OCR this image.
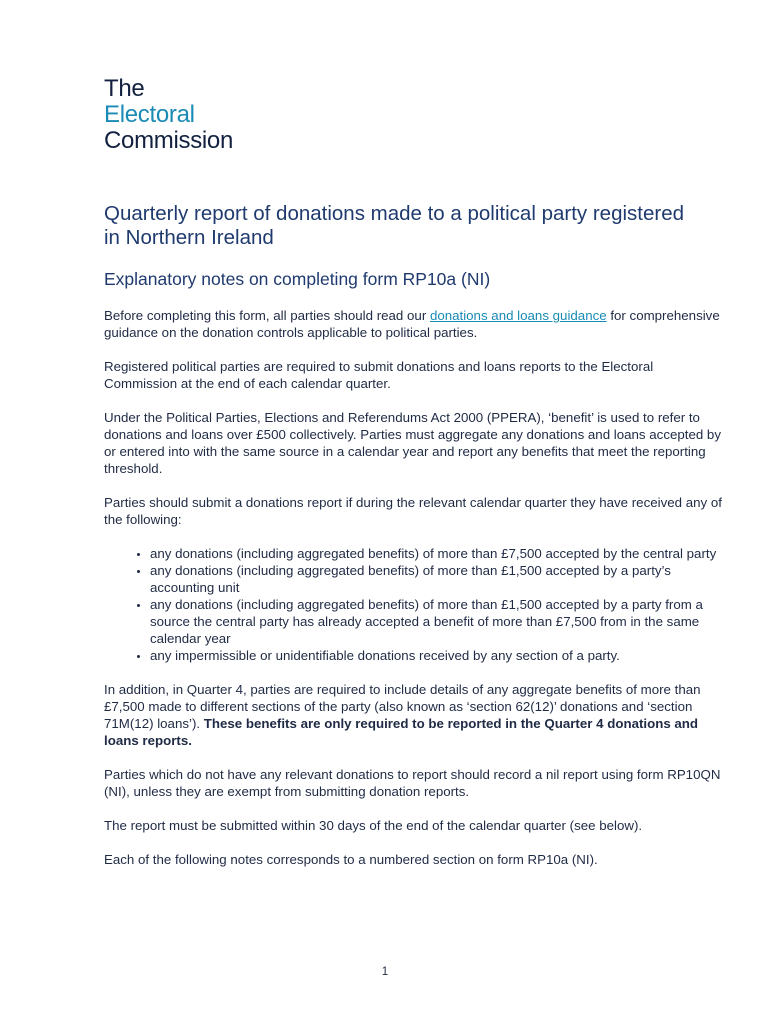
The
Electoral
Commission
Quarterly report of donations made to a political party registered in Northern Ireland
Explanatory notes on completing form RP10a (NI)

Before completing this form, all parties should read our donations and loans guidance for comprehensive guidance on the donation controls applicable to political parties.

Registered political parties are required to submit donations and loans reports to the Electoral Commission at the end of each calendar quarter.

Under the Political Parties, Elections and Referendums Act 2000 (PPERA), ‘benefit’ is used to refer to donations and loans over £500 collectively. Parties must aggregate any donations and loans accepted by or entered into with the same source in a calendar year and report any benefits that meet the reporting threshold.

Parties should submit a donations report if during the relevant calendar quarter they have received any of the following:

• any donations (including aggregated benefits) of more than £7,500 accepted by the central party
• any donations (including aggregated benefits) of more than £1,500 accepted by a party’s accounting unit
• any donations (including aggregated benefits) of more than £1,500 accepted by a party from a source the central party has already accepted a benefit of more than £7,500 from in the same calendar year
• any impermissible or unidentifiable donations received by any section of a party.

In addition, in Quarter 4, parties are required to include details of any aggregate benefits of more than £7,500 made to different sections of the party (also known as ‘section 62(12)’ donations and ‘section 71M(12) loans’). These benefits are only required to be reported in the Quarter 4 donations and loans reports.

Parties which do not have any relevant donations to report should record a nil report using form RP10QN (NI), unless they are exempt from submitting donation reports.

The report must be submitted within 30 days of the end of the calendar quarter (see below).

Each of the following notes corresponds to a numbered section on form RP10a (NI).

1
